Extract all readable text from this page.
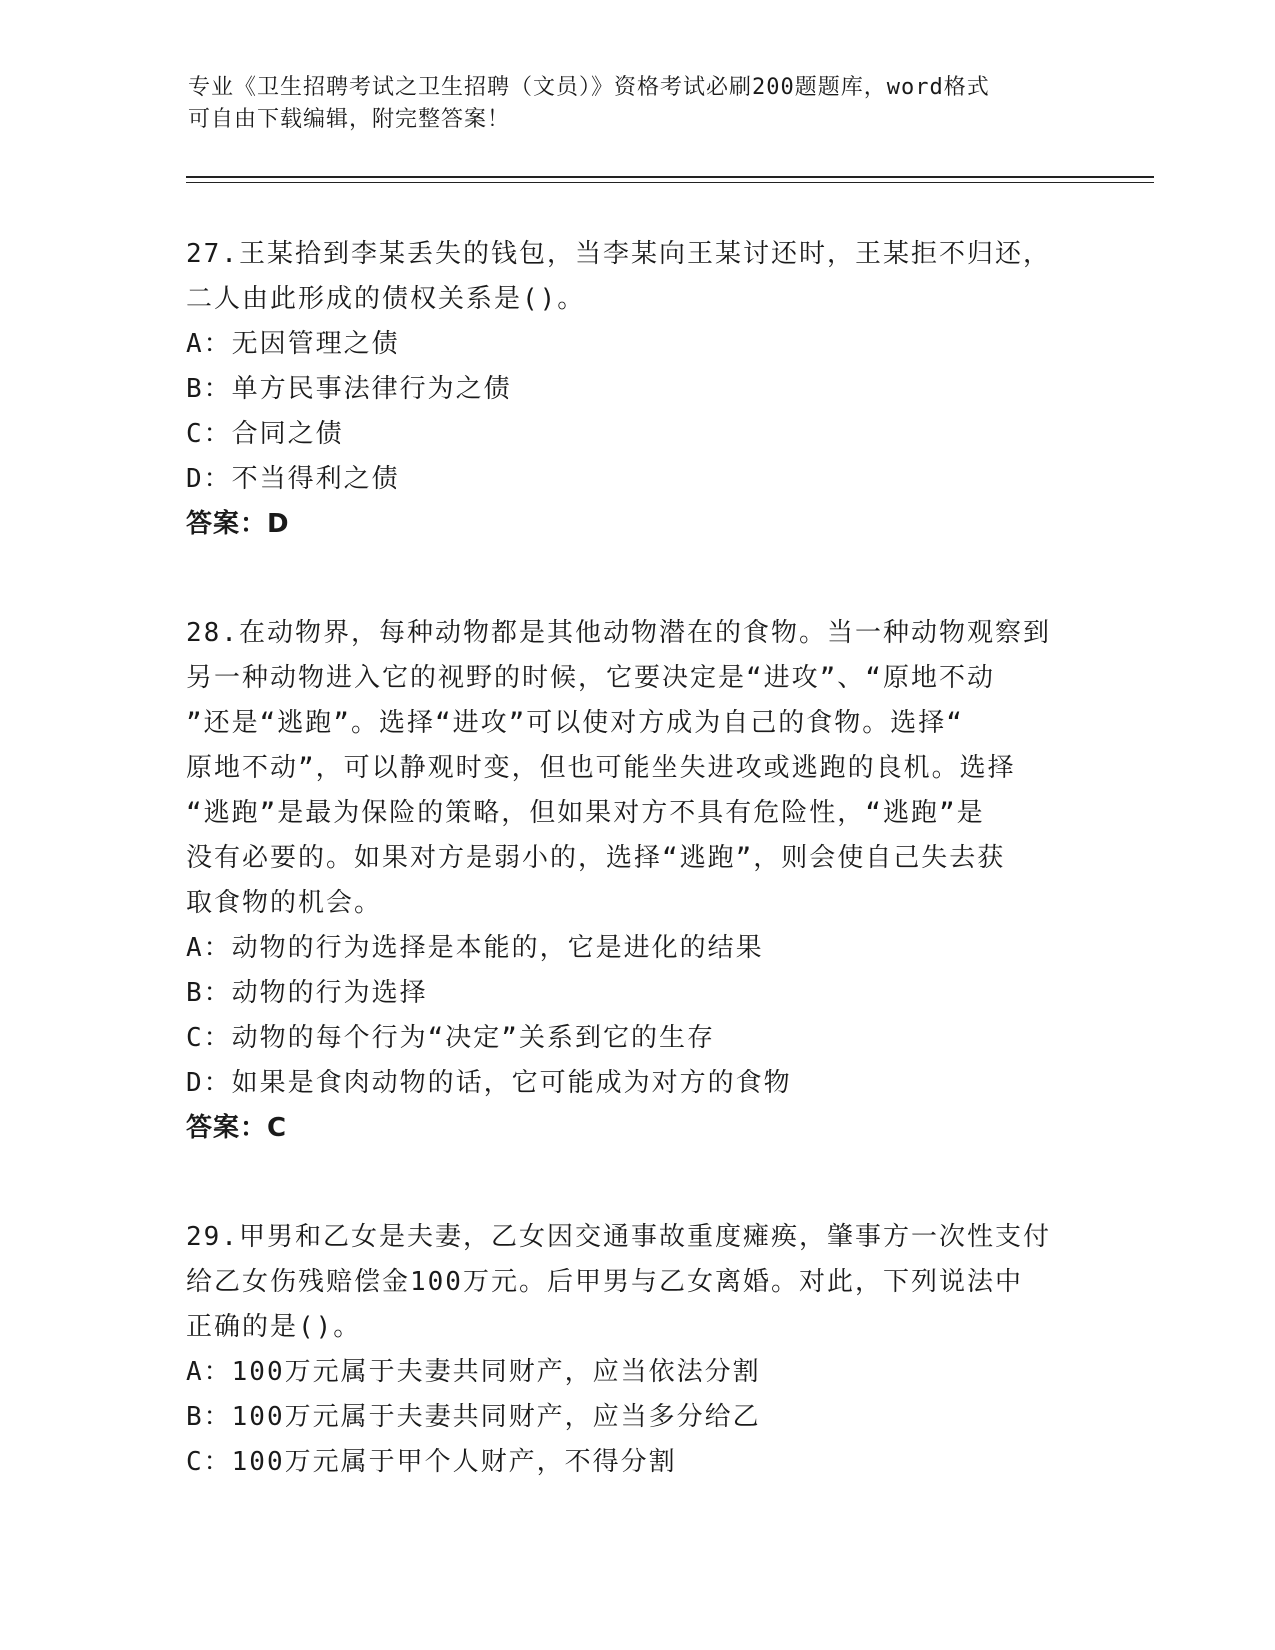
专业《卫生招聘考试之卫生招聘（文员）》资格考试必刷200题题库，word格式
可自由下载编辑，附完整答案！
27.王某拾到李某丢失的钱包，当李某向王某讨还时，王某拒不归还，
二人由此形成的债权关系是()。
A：无因管理之债
B：单方民事法律行为之债
C：合同之债
D：不当得利之债
答案：D
28.在动物界，每种动物都是其他动物潜在的食物。当一种动物观察到
另一种动物进入它的视野的时候，它要决定是“进攻”、“原地不动
”还是“逃跑”。选择“进攻”可以使对方成为自己的食物。选择“
原地不动”，可以静观时变，但也可能坐失进攻或逃跑的良机。选择
“逃跑”是最为保险的策略，但如果对方不具有危险性，“逃跑”是
没有必要的。如果对方是弱小的，选择“逃跑”，则会使自己失去获
取食物的机会。
A：动物的行为选择是本能的，它是进化的结果
B：动物的行为选择
C：动物的每个行为“决定”关系到它的生存
D：如果是食肉动物的话，它可能成为对方的食物
答案：C
29.甲男和乙女是夫妻，乙女因交通事故重度瘫痪，肇事方一次性支付
给乙女伤残赔偿金100万元。后甲男与乙女离婚。对此，下列说法中
正确的是()。
A：100万元属于夫妻共同财产，应当依法分割
B：100万元属于夫妻共同财产，应当多分给乙
C：100万元属于甲个人财产，不得分割
